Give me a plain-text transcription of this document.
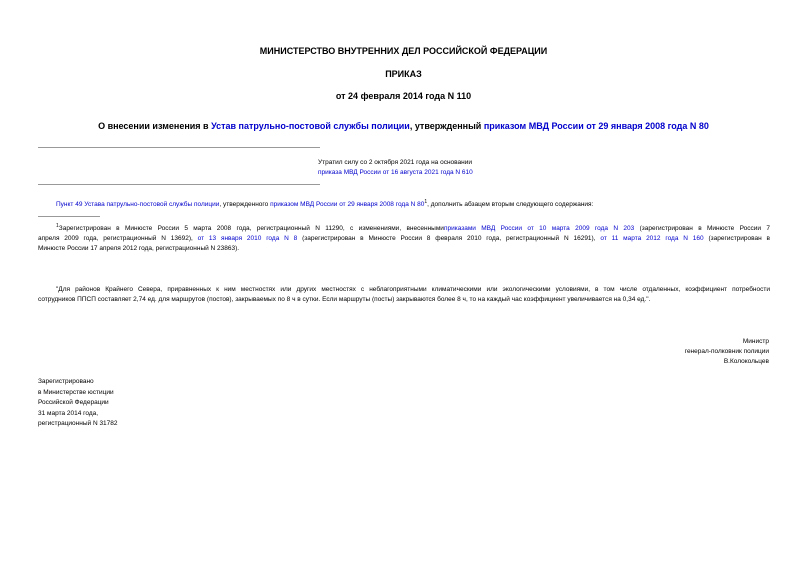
МИНИСТЕРСТВО ВНУТРЕННИХ ДЕЛ РОССИЙСКОЙ ФЕДЕРАЦИИ
ПРИКАЗ
от 24 февраля 2014 года N 110
О внесении изменения в Устав патрульно-постовой службы полиции, утвержденный приказом МВД России от 29 января 2008 года N 80
Утратил силу со 2 октября 2021 года на основании
приказа МВД России от 16 августа 2021 года N 610
Пункт 49 Устава патрульно-постовой службы полиции, утвержденного приказом МВД России от 29 января 2008 года N $80^1$, дополнить абзацем вторым следующего содержания:
$^1$Зарегистрирован в Минюсте России 5 марта 2008 года, регистрационный N 11290, с изменениями, внесеннымиприказами МВД России от 10 марта 2009 года N 203 (зарегистрирован в Минюсте России 7
апреля 2009 года, регистрационный N 13692), от 13 января 2010 года N 8 (зарегистрирован в Минюсте России 8 февраля 2010 года, регистрационный N 16291), от 11 марта 2012 года N 160 (зарегистрирован в
Минюсте России 17 апреля 2012 года, регистрационный N 23863).
"Для районов Крайнего Севера, приравненных к ним местностях или других местностях с неблагоприятными климатическими или экологическими условиями, в том числе отдаленных, коэффициент потребности
сотрудников ППСП составляет 2,74 ед. для маршрутов (постов), закрываемых по 8 ч в сутки. Если маршруты (посты) закрываются более 8 ч, то на каждый час коэффициент увеличивается на 0,34 ед.".
Министр
генерал-полковник полиции
В.Колокольцев
Зарегистрировано
в Министерстве юстиции
Российской Федерации
31 марта 2014 года,
регистрационный N 31782
